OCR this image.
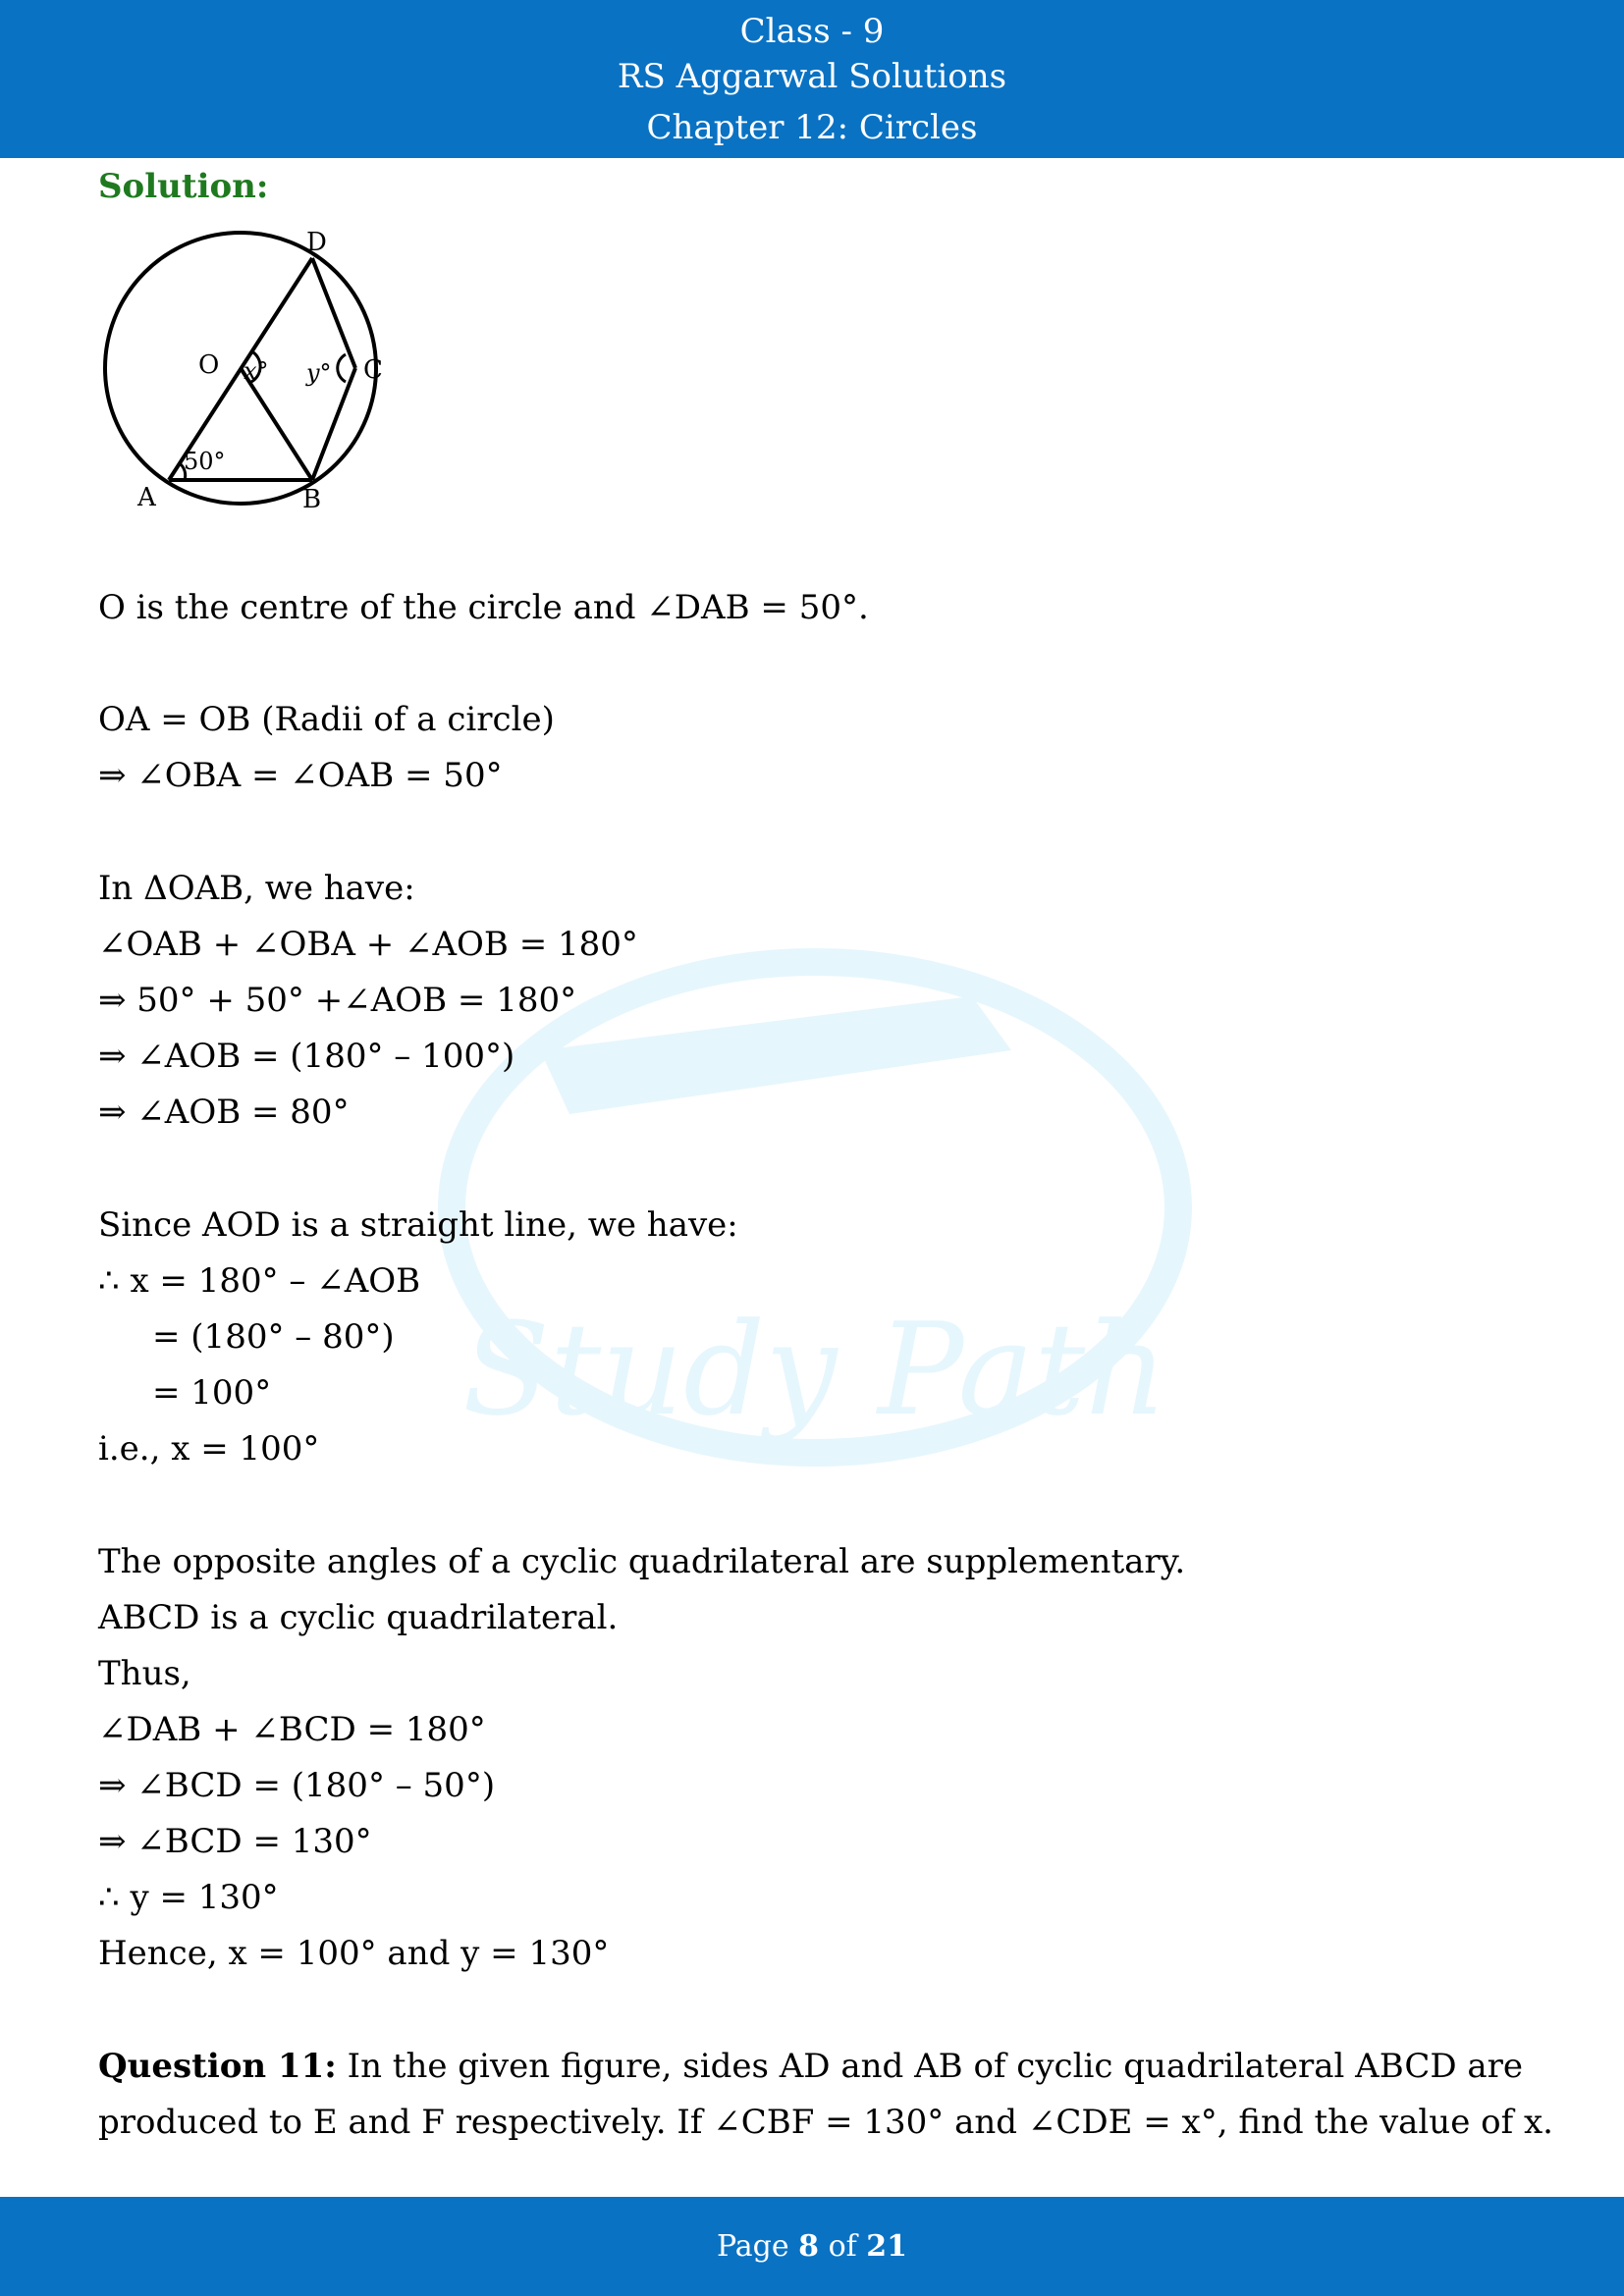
Class - 9
RS Aggarwal Solutions
Chapter 12: Circles
Study Path
Solution:
D
O x° y° C
50°
A	B
O is the centre of the circle and ∠DAB = 50°.
OA = OB (Radii of a circle)
⇒ ∠OBA = ∠OAB = 50°
In ΔOAB, we have:
∠OAB + ∠OBA + ∠AOB = 180°
⇒ 50° + 50° +∠AOB = 180°
⇒ ∠AOB = (180° – 100°)
⇒ ∠AOB = 80°
Since AOD is a straight line, we have:
∴ x = 180° – ∠AOB
= (180° – 80°)
= 100°
i.e., x = 100°
The opposite angles of a cyclic quadrilateral are supplementary.
ABCD is a cyclic quadrilateral.
Thus,
∠DAB + ∠BCD = 180°
⇒ ∠BCD = (180° – 50°)
⇒ ∠BCD = 130°
∴ y = 130°
Hence, x = 100° and y = 130°
Question 11: In the given figure, sides AD and AB of cyclic quadrilateral ABCD are
produced to E and F respectively. If ∠CBF = 130° and ∠CDE = x°, find the value of x.
Page 8 of 21
